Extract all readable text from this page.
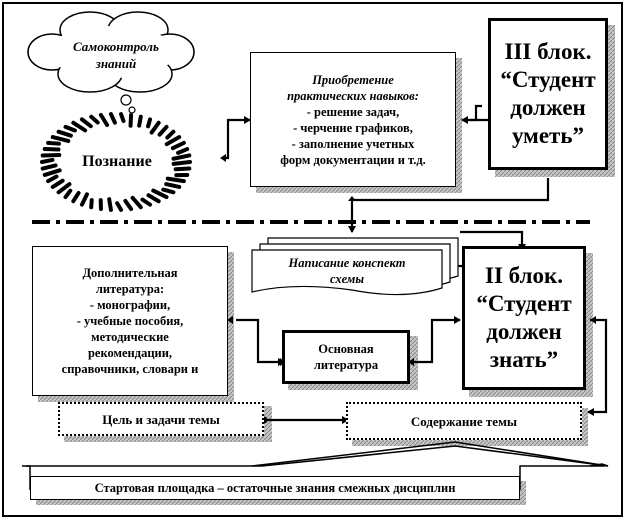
Самоконтроль
знаний
Познание
Приобретение
практических навыков:
- решение задач,
- черчение графиков,
- заполнение учетных
форм документации и т.д.
III блок.
“Студент
должен
уметь”
Написание конспект
схемы
Дополнительная
литература:
- монографии,
- учебные пособия,
методические
рекомендации,
справочники, словари и
Основная
литература
II блок.
“Студент
должен
знать”
Цель и задачи темы	Содержание темы
Стартовая площадка – остаточные знания смежных дисциплин
